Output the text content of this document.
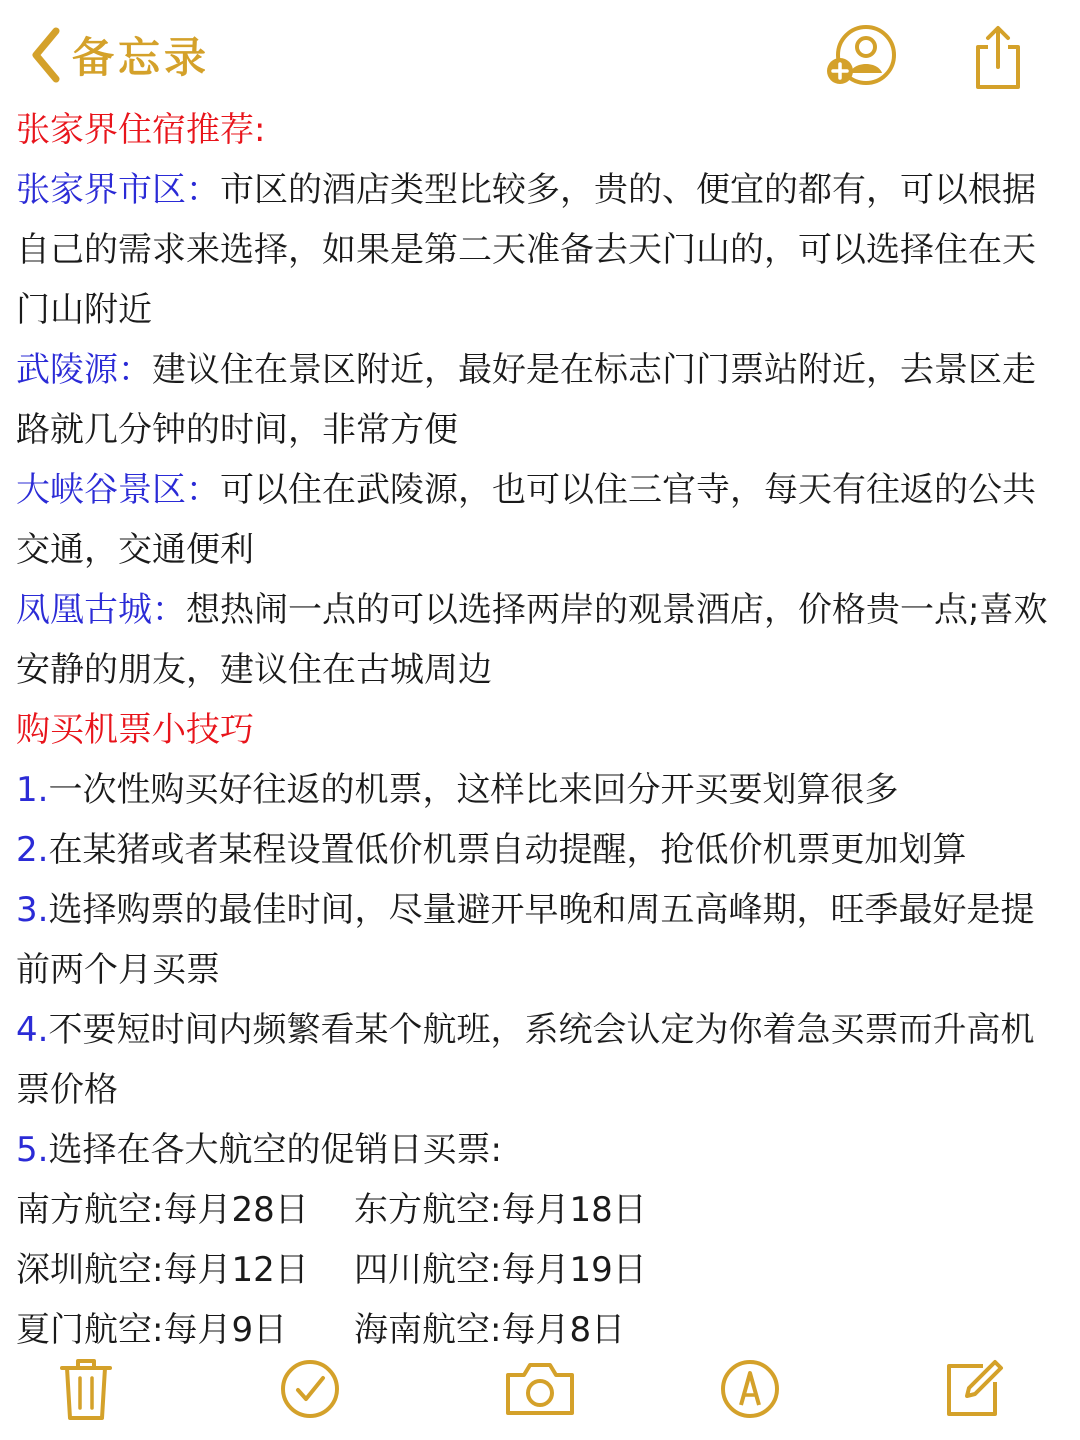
备忘录

张家界住宿推荐:

张家界市区：市区的酒店类型比较多，贵的、便宜的都有，可以根据自己的需求来选择，如果是第二天准备去天门山的，可以选择住在天门山附近

武陵源：建议住在景区附近，最好是在标志门门票站附近，去景区走路就几分钟的时间，非常方便

大峡谷景区：可以住在武陵源，也可以住三官寺，每天有往返的公共交通，交通便利

凤凰古城：想热闹一点的可以选择两岸的观景酒店，价格贵一点;喜欢安静的朋友，建议住在古城周边

购买机票小技巧

1.一次性购买好往返的机票，这样比来回分开买要划算很多

2.在某猪或者某程设置低价机票自动提醒，抢低价机票更加划算

3.选择购票的最佳时间，尽量避开早晚和周五高峰期，旺季最好是提前两个月买票

4.不要短时间内频繁看某个航班，系统会认定为你着急买票而升高机票价格

5.选择在各大航空的促销日买票:

南方航空:每月28日	东方航空:每月18日

深圳航空:每月12日	四川航空:每月19日

夏门航空:每月9日	海南航空:每月8日
